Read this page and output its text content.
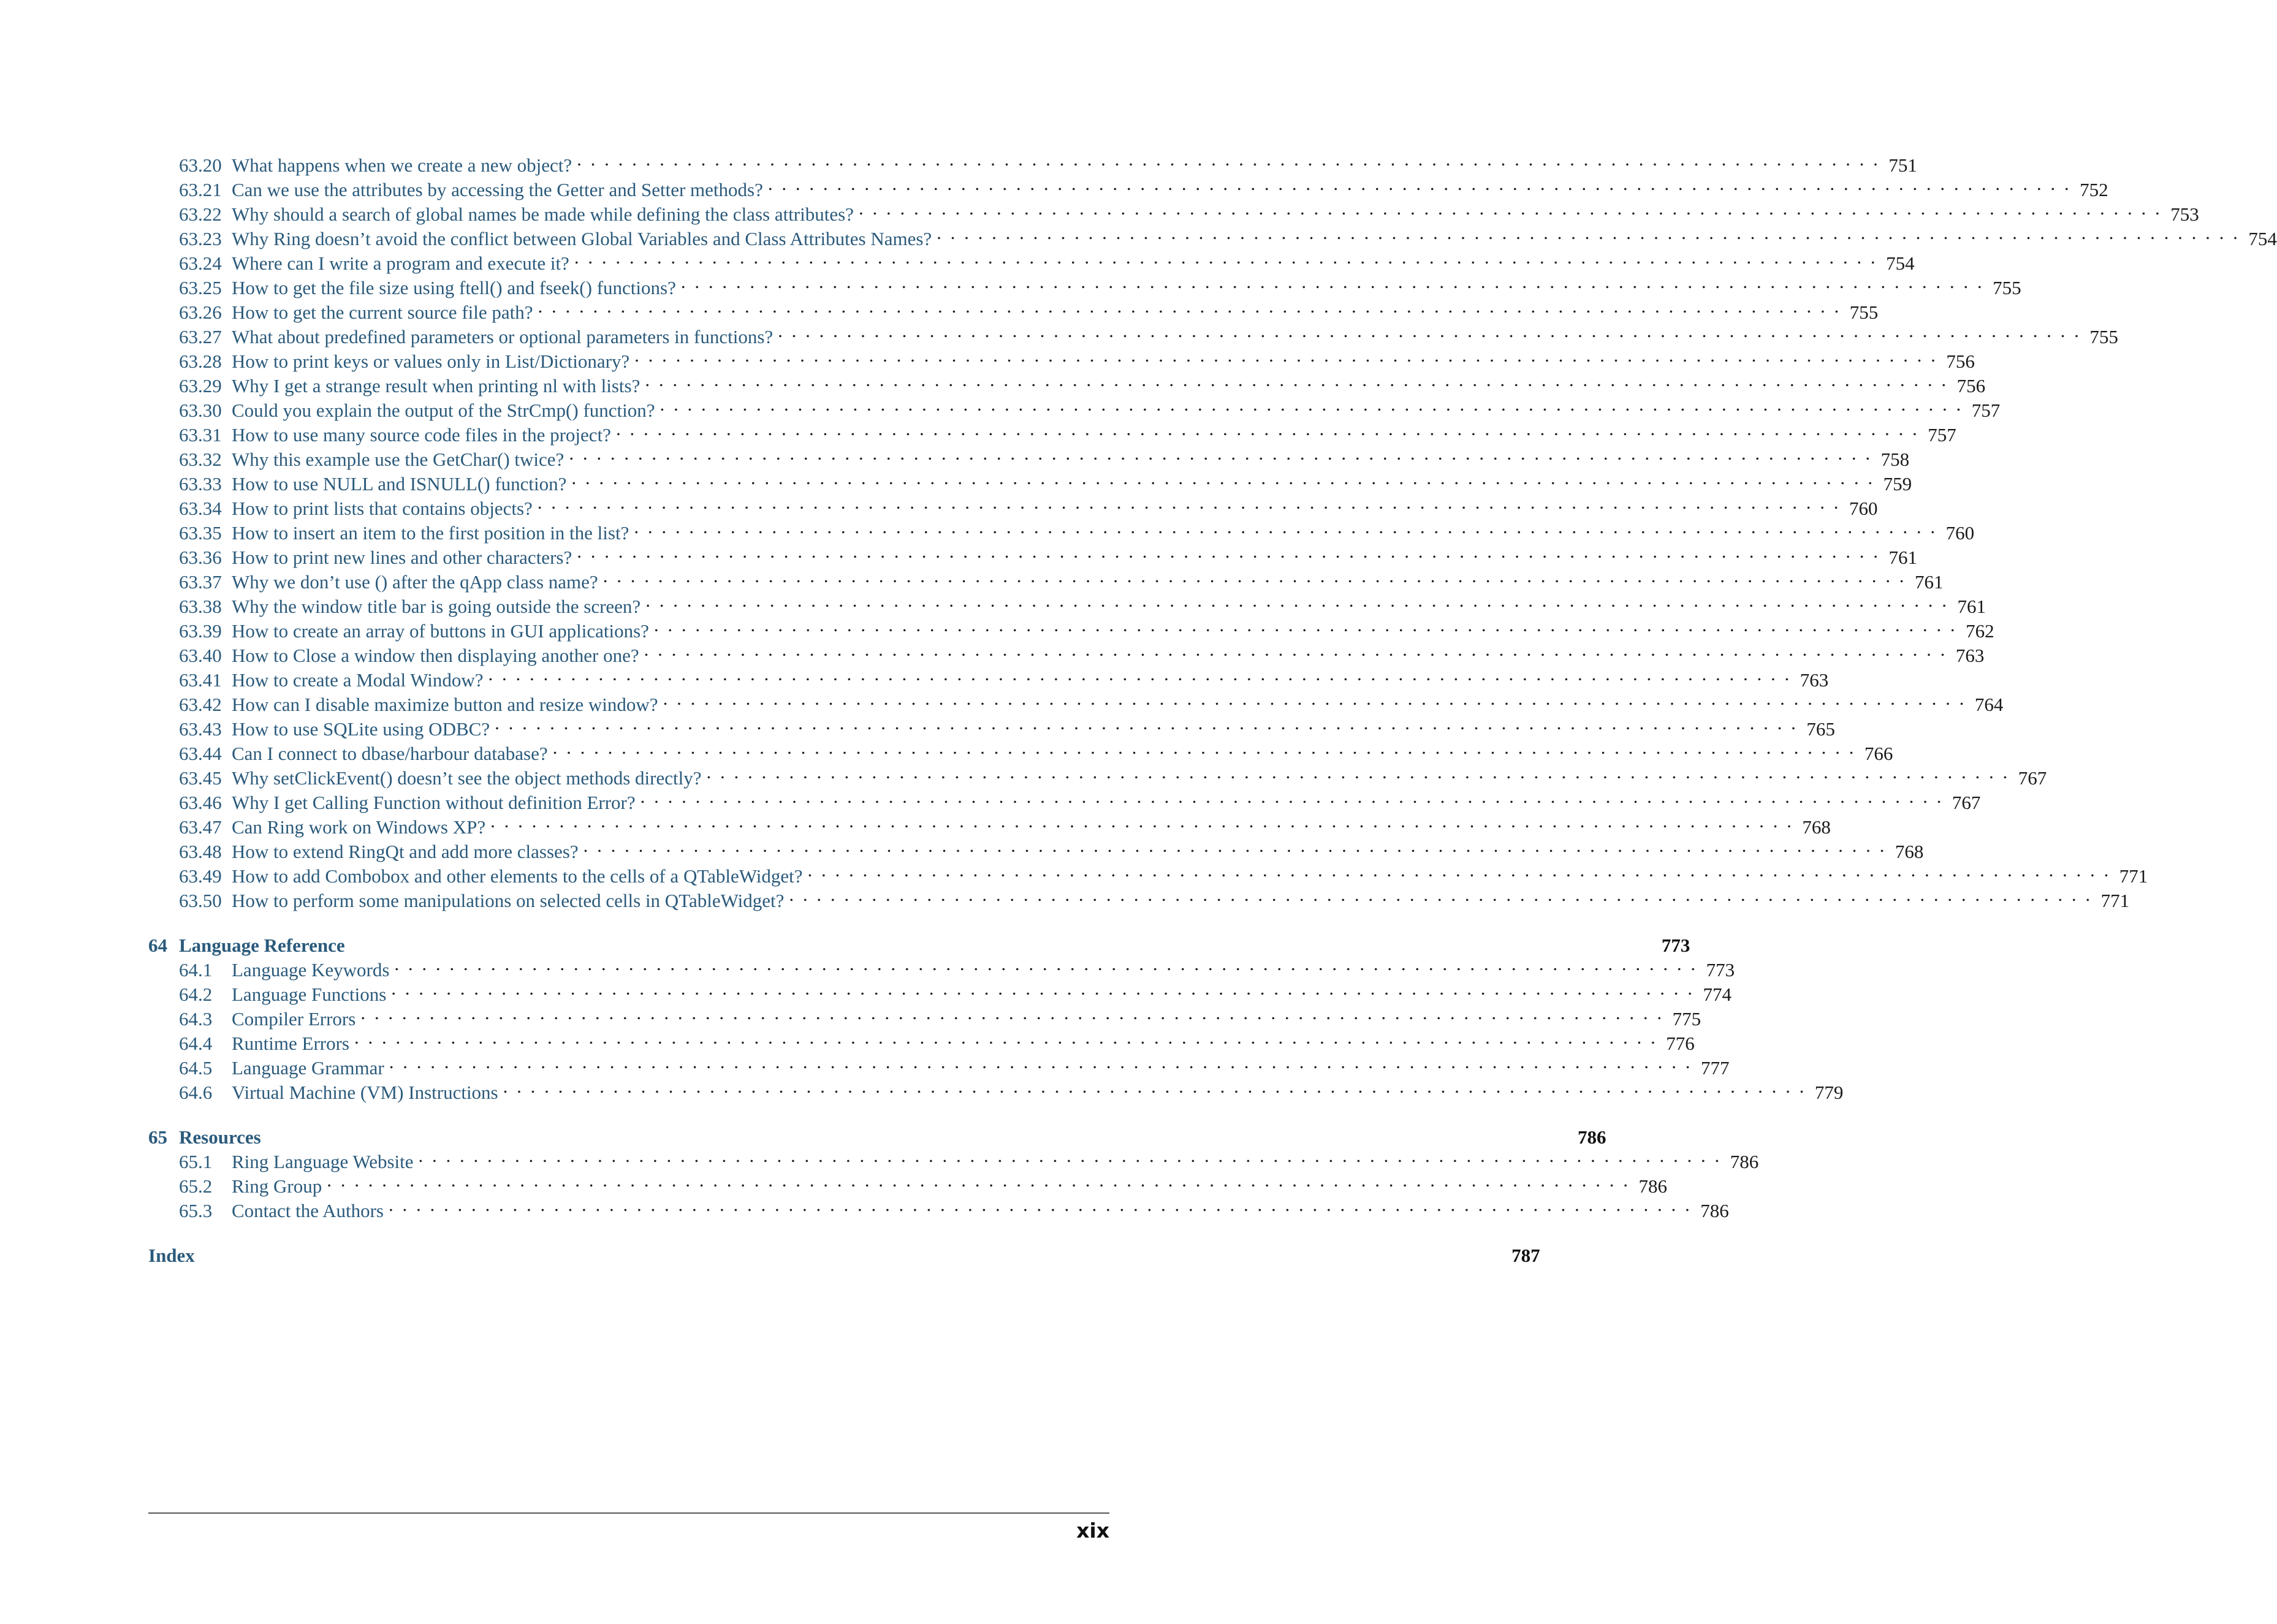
63.20 What happens when we create a new object? . . .	751
63.21 Can we use the attributes by accessing the Getter and Setter methods? . . .	752
63.22 Why should a search of global names be made while defining the class attributes? . . .	753
63.23 Why Ring doesn’t avoid the conflict between Global Variables and Class Attributes Names? . . .	754
63.24 Where can I write a program and execute it? . . .	754
63.25 How to get the file size using ftell() and fseek() functions? . . .	755
63.26 How to get the current source file path? . . .	755
63.27 What about predefined parameters or optional parameters in functions? . . .	755
63.28 How to print keys or values only in List/Dictionary? . . .	756
63.29 Why I get a strange result when printing nl with lists? . . .	756
63.30 Could you explain the output of the StrCmp() function? . . .	757
63.31 How to use many source code files in the project? . . .	757
63.32 Why this example use the GetChar() twice? . . .	758
63.33 How to use NULL and ISNULL() function? . . .	759
63.34 How to print lists that contains objects? . . .	760
63.35 How to insert an item to the first position in the list? . . .	760
63.36 How to print new lines and other characters? . . .	761
63.37 Why we don’t use () after the qApp class name? . . .	761
63.38 Why the window title bar is going outside the screen? . . .	761
63.39 How to create an array of buttons in GUI applications? . . .	762
63.40 How to Close a window then displaying another one? . . .	763
63.41 How to create a Modal Window? . . .	763
63.42 How can I disable maximize button and resize window? . . .	764
63.43 How to use SQLite using ODBC? . . .	765
63.44 Can I connect to dbase/harbour database? . . .	766
63.45 Why setClickEvent() doesn’t see the object methods directly? . . .	767
63.46 Why I get Calling Function without definition Error? . . .	767
63.47 Can Ring work on Windows XP? . . .	768
63.48 How to extend RingQt and add more classes? . . .	768
63.49 How to add Combobox and other elements to the cells of a QTableWidget? . . .	771
63.50 How to perform some manipulations on selected cells in QTableWidget? . . .	771
64 Language Reference	773
64.1	Language Keywords . . .	773
64.2	Language Functions . . .	774
64.3	Compiler Errors . . .	775
64.4	Runtime Errors . . .	776
64.5	Language Grammar . . .	777
64.6	Virtual Machine (VM) Instructions . . .	779
65 Resources	786
65.1	Ring Language Website . . .	786
65.2	Ring Group . . .	786
65.3	Contact the Authors . . .	786
Index	787
xix
